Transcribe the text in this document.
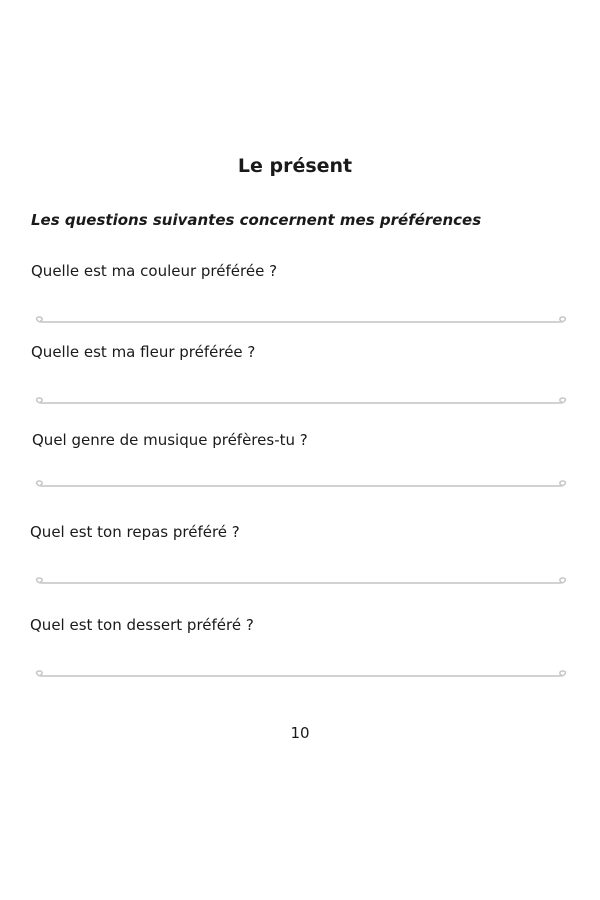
Le présent

Les questions suivantes concernent mes préférences

Quelle est ma couleur préférée ?

Quelle est ma fleur préférée ?

Quel genre de musique préfères-tu ?

Quel est ton repas préféré ?

Quel est ton dessert préféré ?

10
